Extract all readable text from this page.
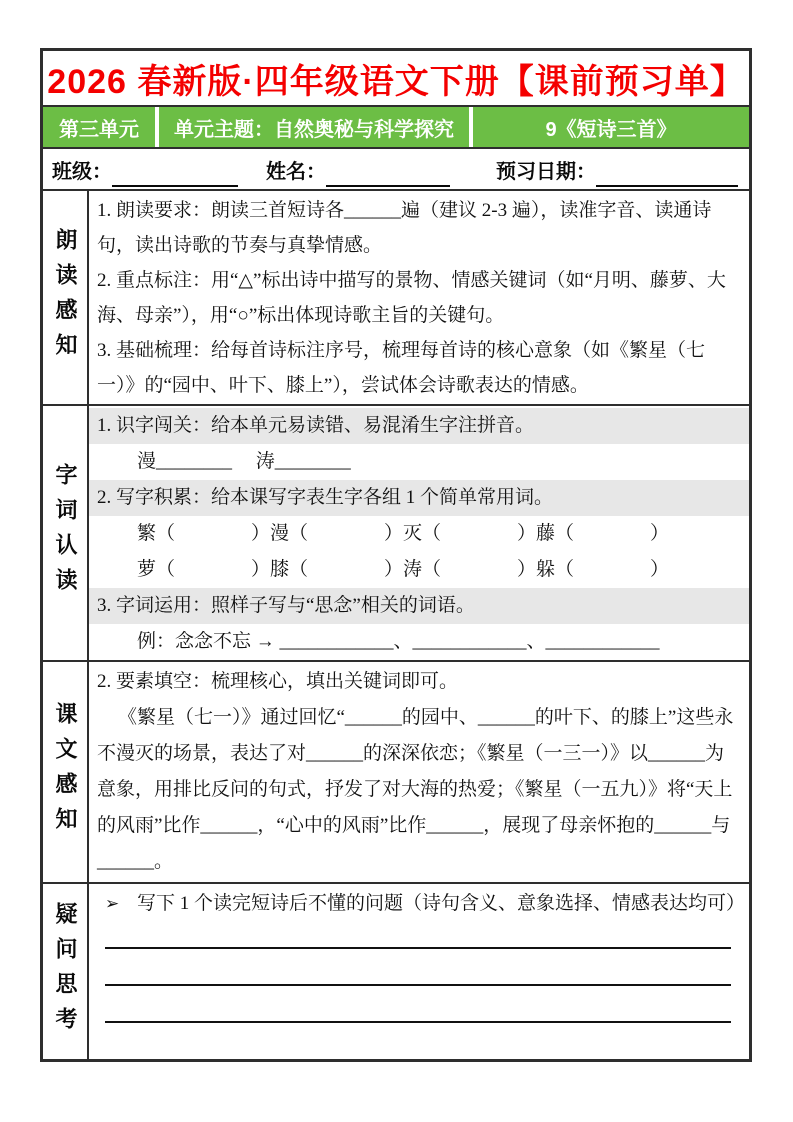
2026 春新版·四年级语文下册【课前预习单】
第三单元	单元主题：自然奥秘与科学探究	9《短诗三首》
班级：	姓名：	预习日期：
朗读感知
1. 朗读要求：朗读三首短诗各______遍（建议 2-3 遍），读准字音、读通诗句，读出诗歌的节奏与真挚情感。
2. 重点标注：用“△”标出诗中描写的景物、情感关键词（如“月明、藤萝、大海、母亲”），用“○”标出体现诗歌主旨的关键句。
3. 基础梳理：给每首诗标注序号，梳理每首诗的核心意象（如《繁星（七一）》的“园中、叶下、膝上”），尝试体会诗歌表达的情感。
字词认读
1. 识字闯关：给本单元易读错、易混淆生字注拼音。
漫________　 涛________
2. 写字积累：给本课写字表生字各组 1 个简单常用词。
繁（　　　　）漫（　　　　）灭（　　　　）藤（　　　　）
萝（　　　　）膝（　　　　）涛（　　　　）躲（　　　　）
3. 字词运用：照样子写与“思念”相关的词语。
例：念念不忘 → ____________、____________、____________
课文感知
2. 要素填空：梳理核心，填出关键词即可。
《繁星（七一）》通过回忆“______的园中、______的叶下、的膝上”这些永不漫灭的场景，表达了对______的深深依恋；《繁星（一三一）》以______为意象，用排比反问的句式，抒发了对大海的热爱；《繁星（一五九）》将“天上的风雨”比作______，“心中的风雨”比作______，展现了母亲怀抱的______与______。
疑问思考 ➢ 写下 1 个读完短诗后不懂的问题（诗句含义、意象选择、情感表达均可）
